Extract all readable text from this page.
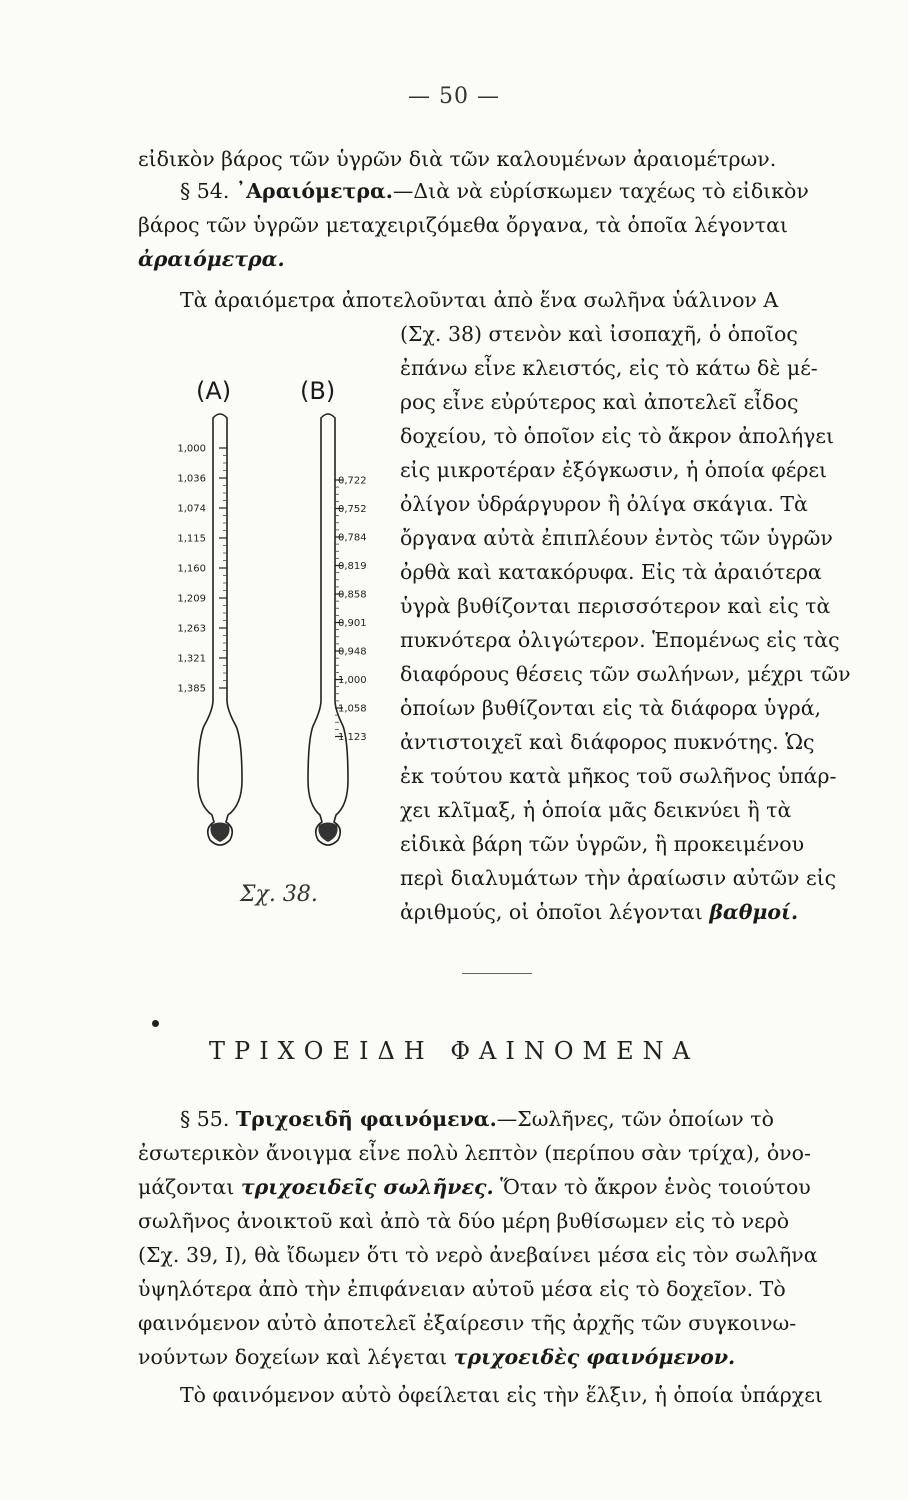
— 50 —
εἰδικὸν βάρος τῶν ὑγρῶν διὰ τῶν καλουμένων ἀραιομέτρων.
§ 54. ᾿Αραιόμετρα.—Διὰ νὰ εὑρίσκωμεν ταχέως τὸ εἰδικὸν
βάρος τῶν ὑγρῶν μεταχειριζόμεθα ὄργανα, τὰ ὁποῖα λέγονται
ἀραιόμετρα.
Τὰ ἀραιόμετρα ἀποτελοῦνται ἀπὸ ἕνα σωλῆνα ὑάλινον Α
(Σχ. 38) στενὸν καὶ ἰσοπαχῆ, ὁ ὁποῖος
ἐπάνω εἶνε κλειστός, εἰς τὸ κάτω δὲ μέ-
ρος εἶνε εὐρύτερος καὶ ἀποτελεῖ εἶδος
δοχείου, τὸ ὁποῖον εἰς τὸ ἄκρον ἀπολήγει
εἰς μικροτέραν ἐξόγκωσιν, ἡ ὁποία φέρει
ὀλίγον ὑδράργυρον ἢ ὀλίγα σκάγια. Τὰ
ὄργανα αὐτὰ ἐπιπλέουν ἐντὸς τῶν ὑγρῶν
ὀρθὰ καὶ κατακόρυφα. Εἰς τὰ ἀραιότερα
ὑγρὰ βυθίζονται περισσότερον καὶ εἰς τὰ
πυκνότερα ὀλιγώτερον. Ἑπομένως εἰς τὰς
διαφόρους θέσεις τῶν σωλήνων, μέχρι τῶν
ὁποίων βυθίζονται εἰς τὰ διάφορα ὑγρά,
ἀντιστοιχεῖ καὶ διάφορος πυκνότης. Ὡς
ἐκ τούτου κατὰ μῆκος τοῦ σωλῆνος ὑπάρ-
χει κλῖμαξ, ἡ ὁποία μᾶς δεικνύει ἢ τὰ
εἰδικὰ βάρη τῶν ὑγρῶν, ἢ προκειμένου
περὶ διαλυμάτων τὴν ἀραίωσιν αὐτῶν εἰς
ἀριθμούς, οἱ ὁποῖοι λέγονται βαθμοί.
(A)	(B)
1,000
1,036
1,074
1,115
1,160
1,209
1,263
1,321
1,385
0,722
0,752
0,784
0,819
0,858
0,901
0,948
1,000
1,058
1,123
Σχ. 38.
ΤΡΙΧΟΕΙΔΗ ΦΑΙΝΟΜΕΝΑ
§ 55. Τριχοειδῆ φαινόμενα.—Σωλῆνες, τῶν ὁποίων τὸ
ἐσωτερικὸν ἄνοιγμα εἶνε πολὺ λεπτὸν (περίπου σὰν τρίχα), ὀνο-
μάζονται τριχοειδεῖς σωλῆνες. Ὅταν τὸ ἄκρον ἑνὸς τοιούτου
σωλῆνος ἀνοικτοῦ καὶ ἀπὸ τὰ δύο μέρη βυθίσωμεν εἰς τὸ νερὸ
(Σχ. 39, Ι), θὰ ἴδωμεν ὅτι τὸ νερὸ ἀνεβαίνει μέσα εἰς τὸν σωλῆνα
ὑψηλότερα ἀπὸ τὴν ἐπιφάνειαν αὐτοῦ μέσα εἰς τὸ δοχεῖον. Τὸ
φαινόμενον αὐτὸ ἀποτελεῖ ἐξαίρεσιν τῆς ἀρχῆς τῶν συγκοινω-
νούντων δοχείων καὶ λέγεται τριχοειδὲς φαινόμενον.
Τὸ φαινόμενον αὐτὸ ὀφείλεται εἰς τὴν ἕλξιν, ἡ ὁποία ὑπάρχει
